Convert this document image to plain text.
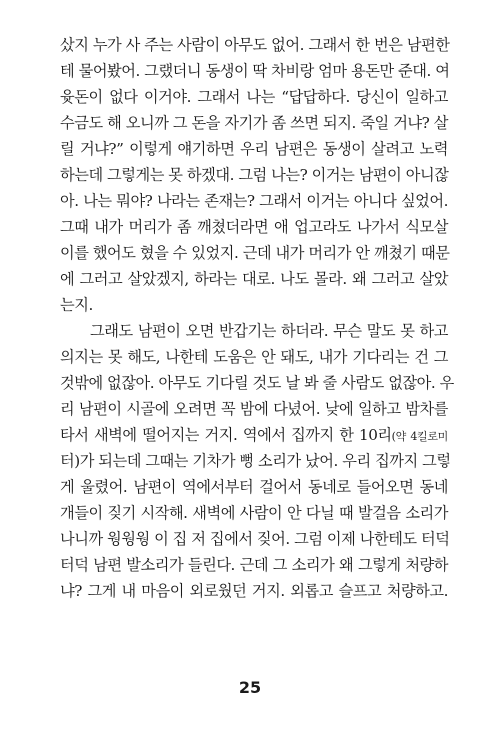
샀지 누가 사 주는 사람이 아무도 없어. 그래서 한 번은 남편한
테 물어봤어. 그랬더니 동생이 딱 차비랑 엄마 용돈만 준대. 여
윳돈이 없다 이거야. 그래서 나는 “답답하다. 당신이 일하고
수금도 해 오니까 그 돈을 자기가 좀 쓰면 되지. 죽일 거냐? 살
릴 거냐?” 이렇게 얘기하면 우리 남편은 동생이 살려고 노력
하는데 그렇게는 못 하겠대. 그럼 나는? 이거는 남편이 아니잖
아. 나는 뭐야? 나라는 존재는? 그래서 이거는 아니다 싶었어.
그때 내가 머리가 좀 깨쳤더라면 애 업고라도 나가서 식모살
이를 했어도 혔을 수 있었지. 근데 내가 머리가 안 깨쳤기 때문
에 그러고 살았겠지, 하라는 대로. 나도 몰라. 왜 그러고 살았
는지.
그래도 남편이 오면 반갑기는 하더라. 무슨 말도 못 하고
의지는 못 해도, 나한테 도움은 안 돼도, 내가 기다리는 건 그
것밖에 없잖아. 아무도 기다릴 것도 날 봐 줄 사람도 없잖아. 우
리 남편이 시골에 오려면 꼭 밤에 다녔어. 낮에 일하고 밤차를
타서 새벽에 떨어지는 거지. 역에서 집까지 한 10리(약 4킬로미
터)가 되는데 그때는 기차가 뻥 소리가 났어. 우리 집까지 그렇
게 울렸어. 남편이 역에서부터 걸어서 동네로 들어오면 동네
개들이 짖기 시작해. 새벽에 사람이 안 다닐 때 발걸음 소리가
나니까 웡웡웡 이 집 저 집에서 짖어. 그럼 이제 나한테도 터덕
터덕 남편 발소리가 들린다. 근데 그 소리가 왜 그렇게 처량하
냐? 그게 내 마음이 외로웠던 거지. 외롭고 슬프고 처량하고.
25
